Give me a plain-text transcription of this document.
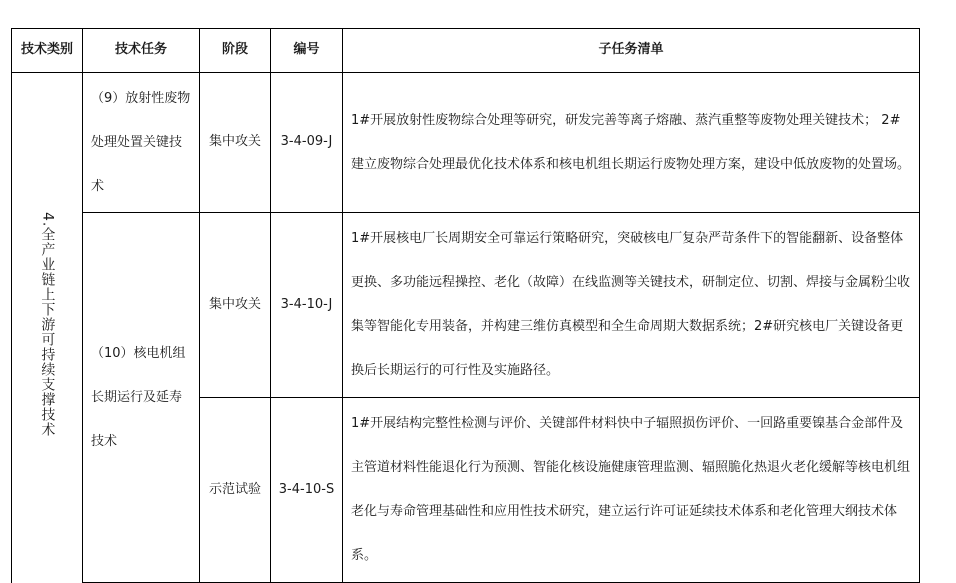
技术类别	技术任务	阶段	编号	子任务清单
4.全产业链上下游可持续支撑技术	（9）放射性废物处理处置关键技术	集中攻关	3-4-09-J	1#开展放射性废物综合处理等研究，研发完善等离子熔融、蒸汽重整等废物处理关键技术； 2#建立废物综合处理最优化技术体系和核电机组长期运行废物处理方案，建设中低放废物的处置场。
	（10）核电机组长期运行及延寿技术	集中攻关	3-4-10-J	1#开展核电厂长周期安全可靠运行策略研究，突破核电厂复杂严苛条件下的智能翻新、设备整体更换、多功能远程操控、老化（故障）在线监测等关键技术，研制定位、切割、焊接与金属粉尘收集等智能化专用装备，并构建三维仿真模型和全生命周期大数据系统；2#研究核电厂关键设备更换后长期运行的可行性及实施路径。
		示范试验	3-4-10-S	1#开展结构完整性检测与评价、关键部件材料快中子辐照损伤评价、一回路重要镍基合金部件及主管道材料性能退化行为预测、智能化核设施健康管理监测、辐照脆化热退火老化缓解等核电机组老化与寿命管理基础性和应用性技术研究，建立运行许可证延续技术体系和老化管理大纲技术体系。
